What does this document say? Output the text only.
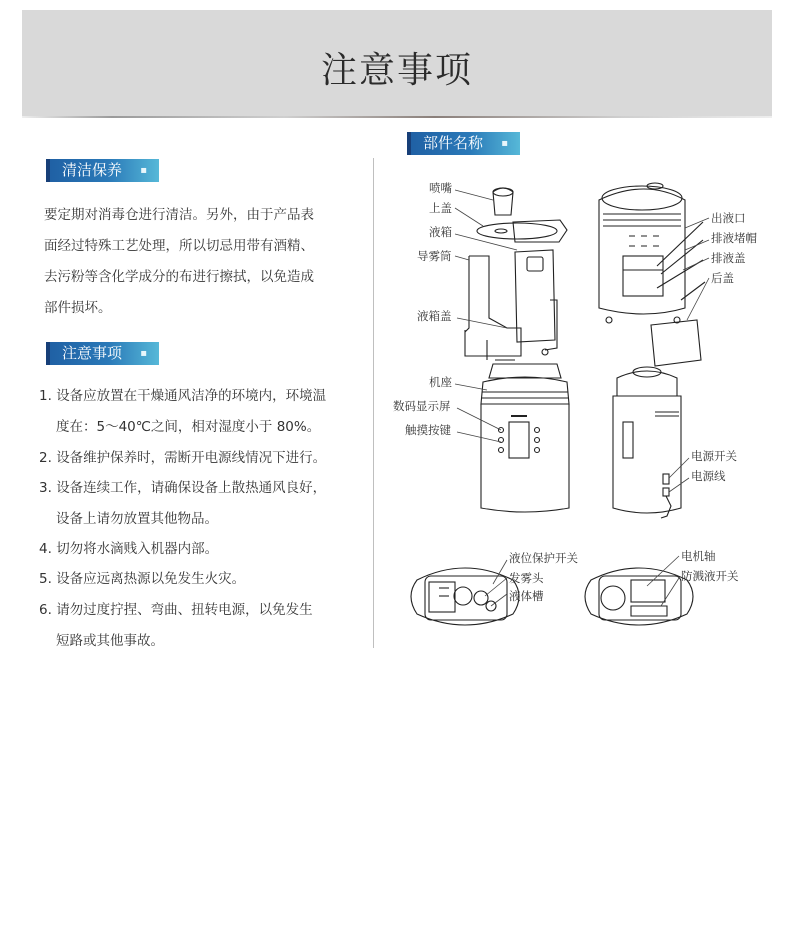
注意事项
清洁保养 ▪
要定期对消毒仓进行清洁。另外，由于产品表
面经过特殊工艺处理，所以切忌用带有酒精、
去污粉等含化学成分的布进行擦拭，以免造成
部件损坏。
注意事项 ▪
1. 设备应放置在干燥通风洁净的环境内，环境温
度在：5～40℃之间，相对湿度小于 80%。
2. 设备维护保养时，需断开电源线情况下进行。
3. 设备连续工作，请确保设备上散热通风良好，
设备上请勿放置其他物品。
4. 切勿将水滴贱入机器内部。
5. 设备应远离热源以免发生火灾。
6. 请勿过度拧捏、弯曲、扭转电源，以免发生
短路或其他事故。
部件名称 ▪
喷嘴
上盖
液箱
导雾筒
液箱盖
出液口
排液堵帽
排液盖
后盖
机座
数码显示屏
触摸按键
电源开关
电源线
液位保护开关
发雾头
液体槽
电机轴
防溅液开关
